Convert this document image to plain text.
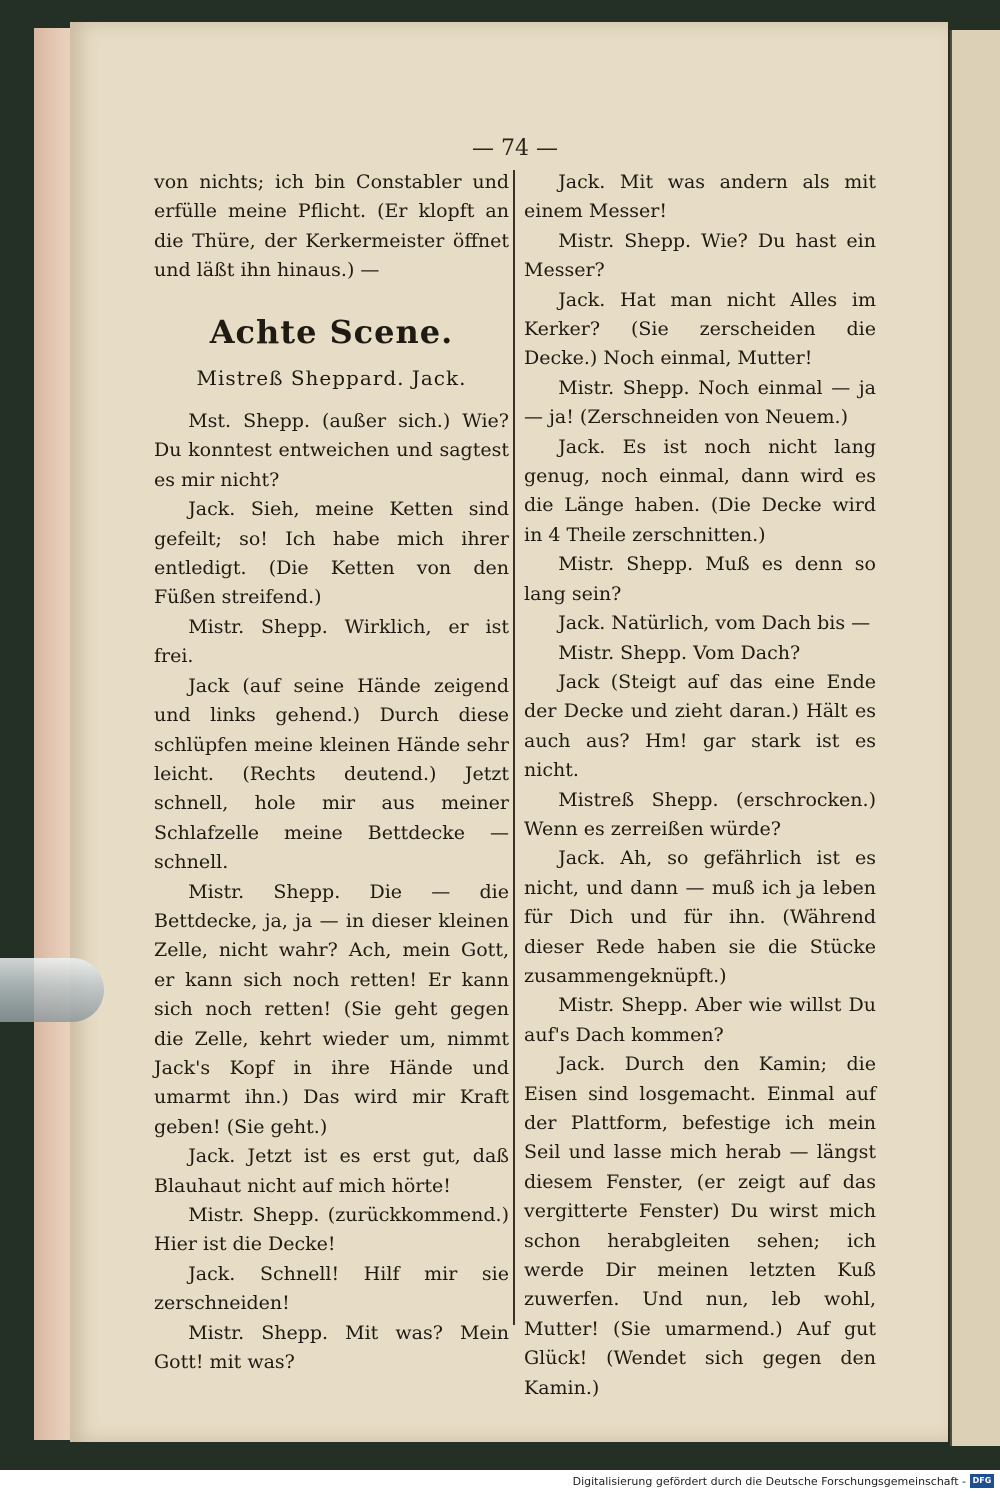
— 74 —

von nichts; ich bin Constabler und erfülle meine Pflicht. (Er klopft an die Thüre, der Kerkermeister öffnet und läßt ihn hinaus.) —

Achte Scene.
Mistreß Sheppard. Jack.

Mst. Shepp. (außer sich.) Wie? Du konntest entweichen und sagtest es mir nicht?

Jack. Sieh, meine Ketten sind gefeilt; so! Ich habe mich ihrer entledigt. (Die Ketten von den Füßen streifend.)

Mistr. Shepp. Wirklich, er ist frei.

Jack (auf seine Hände zeigend und links gehend.) Durch diese schlüpfen meine kleinen Hände sehr leicht. (Rechts deutend.) Jetzt schnell, hole mir aus meiner Schlafzelle meine Bettdecke — schnell.

Mistr. Shepp. Die — die Bettdecke, ja, ja — in dieser kleinen Zelle, nicht wahr? Ach, mein Gott, er kann sich noch retten! Er kann sich noch retten! (Sie geht gegen die Zelle, kehrt wieder um, nimmt Jack's Kopf in ihre Hände und umarmt ihn.) Das wird mir Kraft geben! (Sie geht.)

Jack. Jetzt ist es erst gut, daß Blauhaut nicht auf mich hörte!

Mistr. Shepp. (zurückkommend.) Hier ist die Decke!

Jack. Schnell! Hilf mir sie zerschneiden!

Mistr. Shepp. Mit was? Mein Gott! mit was?

Jack. Mit was andern als mit einem Messer!

Mistr. Shepp. Wie? Du hast ein Messer?

Jack. Hat man nicht Alles im Kerker? (Sie zerscheiden die Decke.) Noch einmal, Mutter!

Mistr. Shepp. Noch einmal — ja — ja! (Zerschneiden von Neuem.)

Jack. Es ist noch nicht lang genug, noch einmal, dann wird es die Länge haben. (Die Decke wird in 4 Theile zerschnitten.)

Mistr. Shepp. Muß es denn so lang sein?

Jack. Natürlich, vom Dach bis —

Mistr. Shepp. Vom Dach?

Jack (Steigt auf das eine Ende der Decke und zieht daran.) Hält es auch aus? Hm! gar stark ist es nicht.

Mistreß Shepp. (erschrocken.) Wenn es zerreißen würde?

Jack. Ah, so gefährlich ist es nicht, und dann — muß ich ja leben für Dich und für ihn. (Während dieser Rede haben sie die Stücke zusammengeknüpft.)

Mistr. Shepp. Aber wie willst Du auf's Dach kommen?

Jack. Durch den Kamin; die Eisen sind losgemacht. Einmal auf der Plattform, befestige ich mein Seil und lasse mich herab — längst diesem Fenster, (er zeigt auf das vergitterte Fenster) Du wirst mich schon herabgleiten sehen; ich werde Dir meinen letzten Kuß zuwerfen. Und nun, leb wohl, Mutter! (Sie umarmend.) Auf gut Glück! (Wendet sich gegen den Kamin.)

Digitalisierung gefördert durch die Deutsche Forschungsgemeinschaft - DFG
